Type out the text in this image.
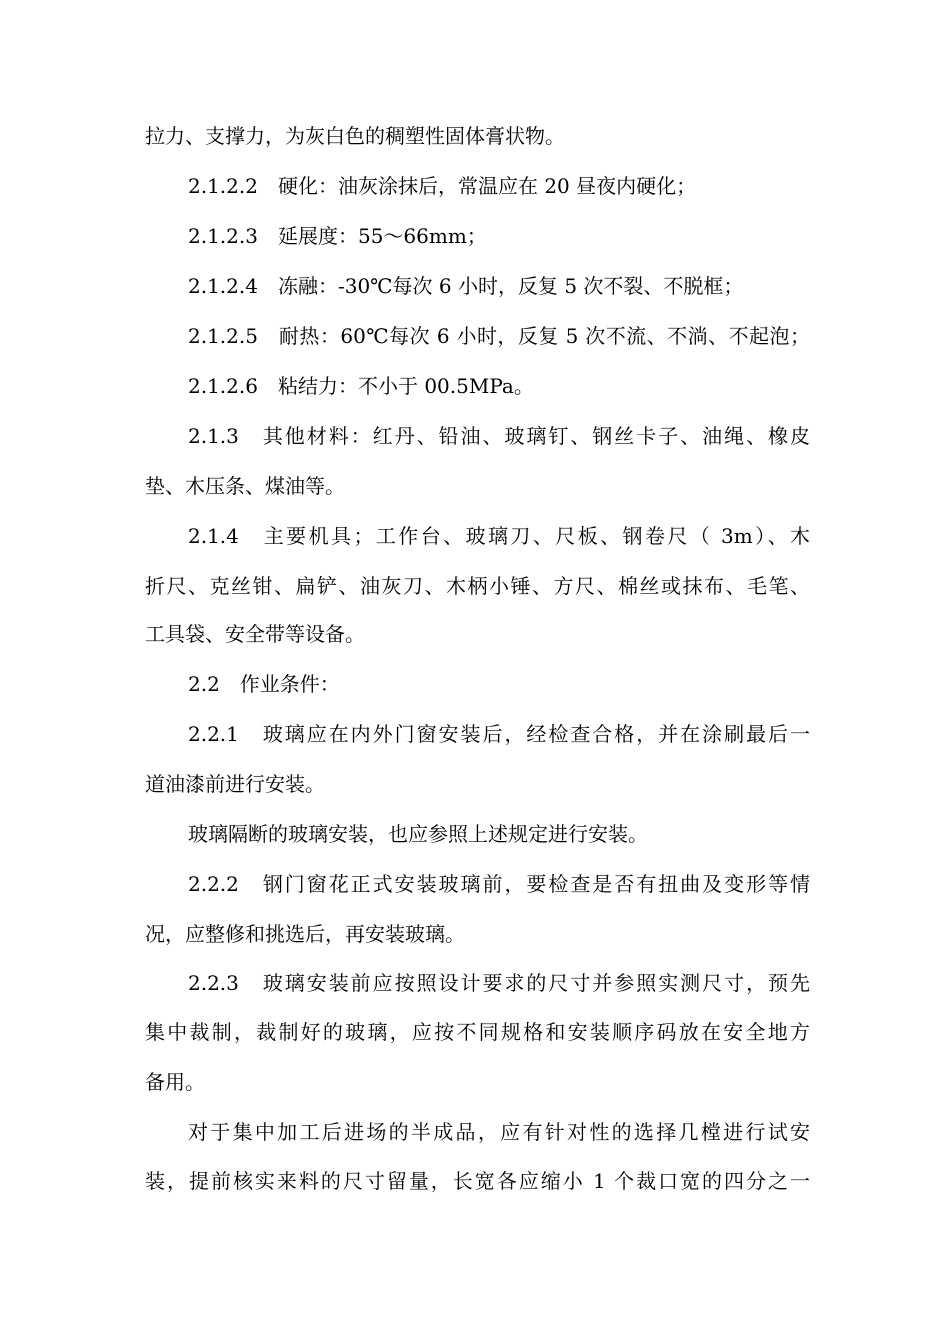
拉力、支撑力，为灰白色的稠塑性固体膏状物。
2.1.2.2　硬化：油灰涂抹后，常温应在 20 昼夜内硬化；
2.1.2.3　延展度：55～66mm；
2.1.2.4　冻融：-30℃每次 6 小时，反复 5 次不裂、不脱框；
2.1.2.5　耐热：60℃每次 6 小时，反复 5 次不流、不淌、不起泡；
2.1.2.6　粘结力：不小于 00.5MPa。
2.1.3　其他材料：红丹、铅油、玻璃钉、钢丝卡子、油绳、橡皮
垫、木压条、煤油等。
2.1.4　主要机具；工作台、玻璃刀、尺板、钢卷尺（ 3m）、木
折尺、克丝钳、扁铲、油灰刀、木柄小锤、方尺、棉丝或抹布、毛笔、
工具袋、安全带等设备。
2.2　作业条件：
2.2.1　玻璃应在内外门窗安装后，经检查合格，并在涂刷最后一
道油漆前进行安装。
玻璃隔断的玻璃安装，也应参照上述规定进行安装。
2.2.2　钢门窗花正式安装玻璃前，要检查是否有扭曲及变形等情
况，应整修和挑选后，再安装玻璃。
2.2.3　玻璃安装前应按照设计要求的尺寸并参照实测尺寸，预先
集中裁制，裁制好的玻璃，应按不同规格和安装顺序码放在安全地方
备用。
对于集中加工后进场的半成品，应有针对性的选择几樘进行试安
装，提前核实来料的尺寸留量，长宽各应缩小 1 个裁口宽的四分之一
